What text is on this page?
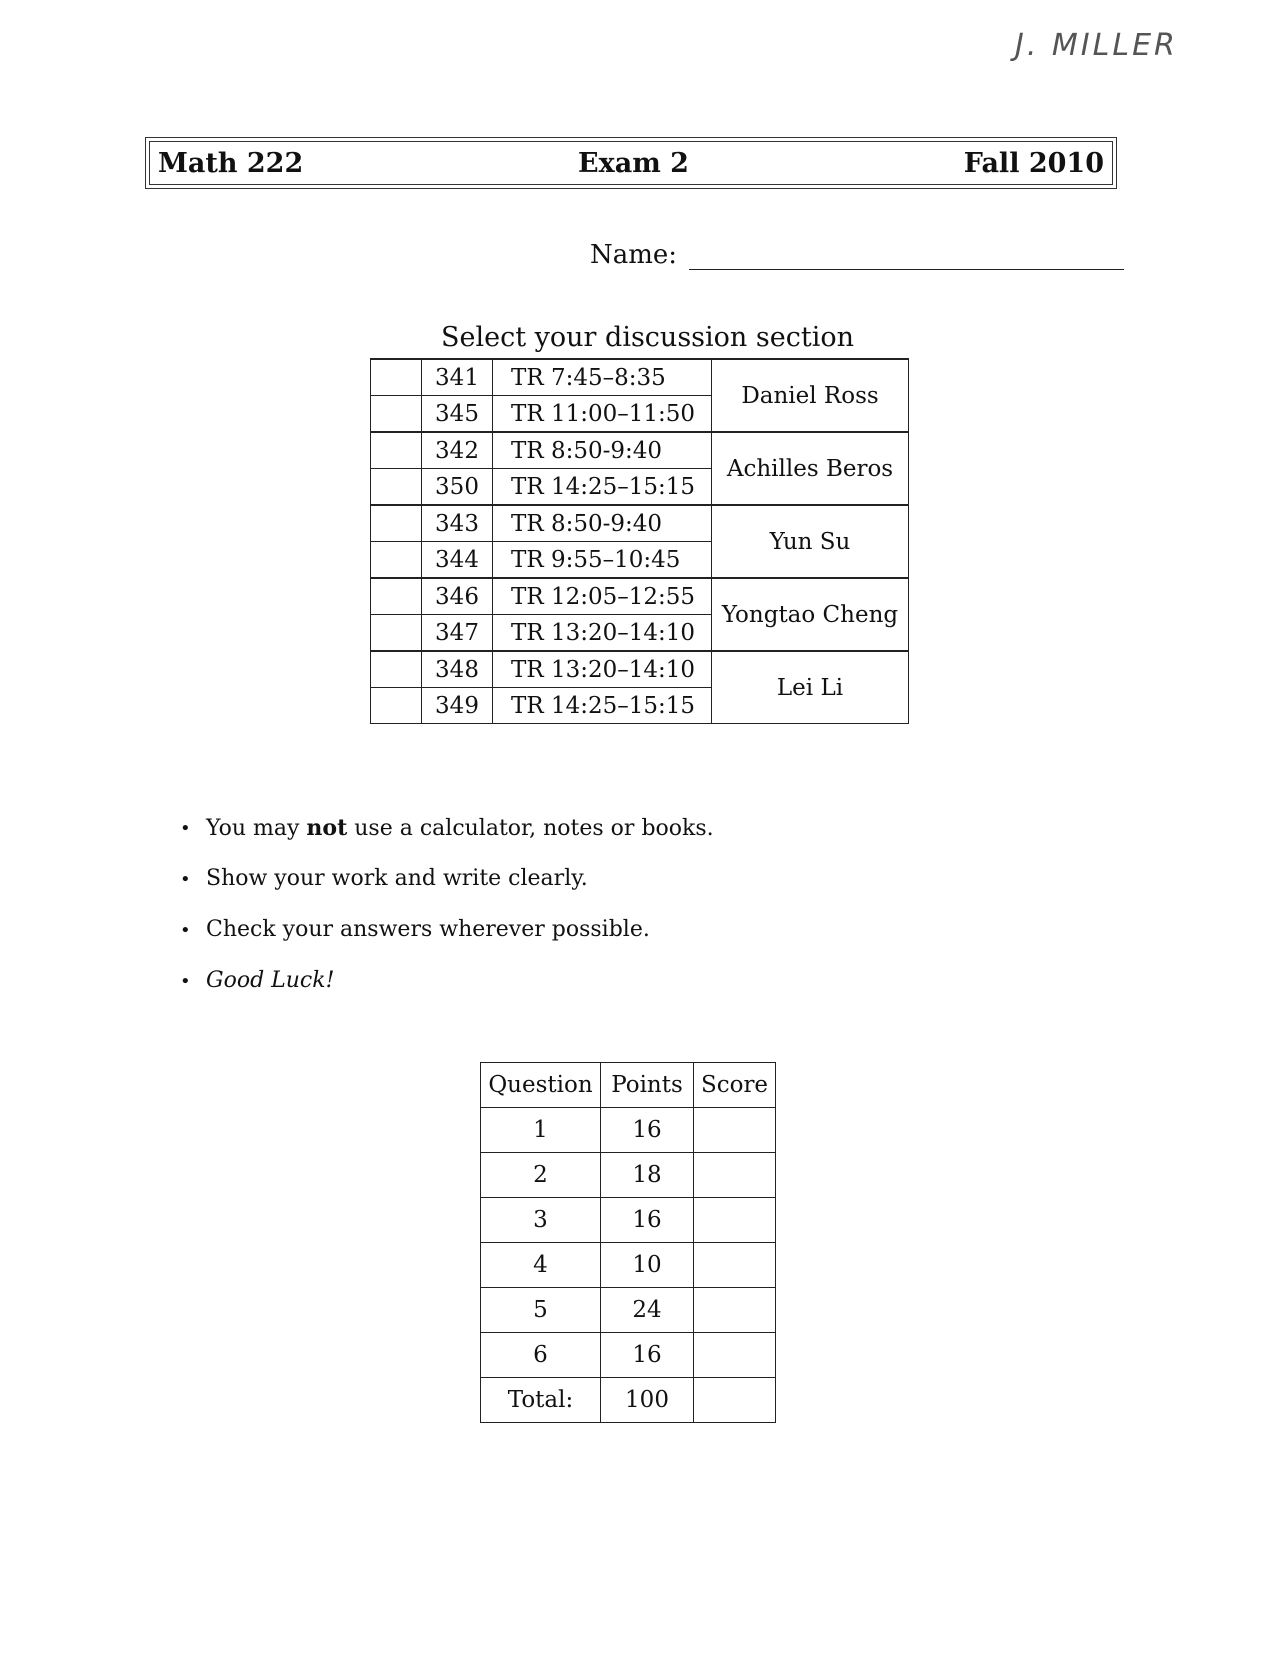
J. MILLER
Math 222	Exam 2	Fall 2010
Name:
Select your discussion section
	341	TR 7:45–8:35	Daniel Ross
	345	TR 11:00–11:50	
	342	TR 8:50-9:40	Achilles Beros
	350	TR 14:25–15:15	
	343	TR 8:50-9:40	Yun Su
	344	TR 9:55–10:45	
	346	TR 12:05–12:55	Yongtao Cheng
	347	TR 13:20–14:10	
	348	TR 13:20–14:10	Lei Li
	349	TR 14:25–15:15	
• You may not use a calculator, notes or books.
• Show your work and write clearly.
• Check your answers wherever possible.
• Good Luck!
Question	Points	Score
1	16	
2	18	
3	16	
4	10	
5	24	
6	16	
Total:	100	
